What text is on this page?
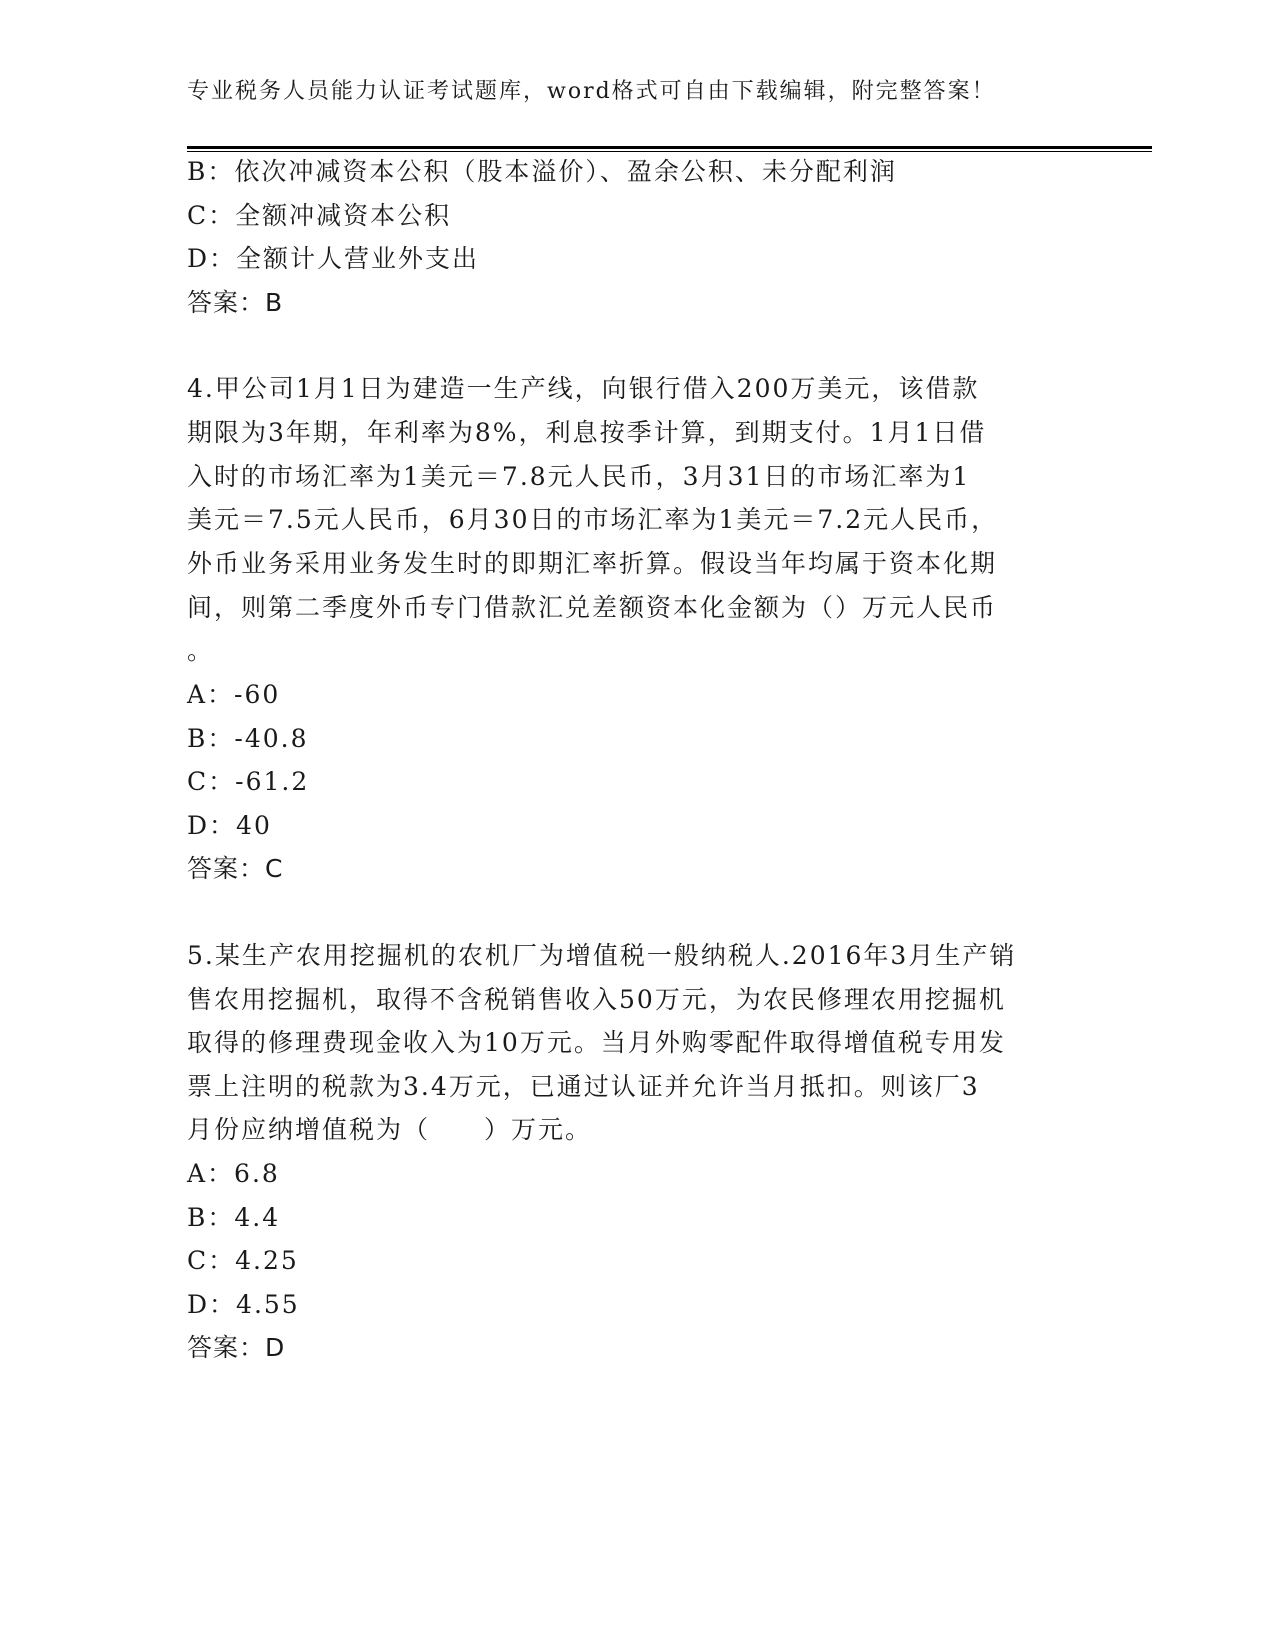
专业税务人员能力认证考试题库，word格式可自由下载编辑，附完整答案！
B：依次冲减资本公积（股本溢价）、盈余公积、未分配利润
C：全额冲减资本公积
D：全额计人营业外支出
答案：B
4.甲公司1月1日为建造一生产线，向银行借入200万美元，该借款
期限为3年期，年利率为8%，利息按季计算，到期支付。1月1日借
入时的市场汇率为1美元＝7.8元人民币，3月31日的市场汇率为1
美元＝7.5元人民币，6月30日的市场汇率为1美元＝7.2元人民币，
外币业务采用业务发生时的即期汇率折算。假设当年均属于资本化期
间，则第二季度外币专门借款汇兑差额资本化金额为（）万元人民币
。
A：-60
B：-40.8
C：-61.2
D：40
答案：C
5.某生产农用挖掘机的农机厂为增值税一般纳税人.2016年3月生产销
售农用挖掘机，取得不含税销售收入50万元，为农民修理农用挖掘机
取得的修理费现金收入为10万元。当月外购零配件取得增值税专用发
票上注明的税款为3.4万元，已通过认证并允许当月抵扣。则该厂3
月份应纳增值税为（　　）万元。
A：6.8
B：4.4
C：4.25
D：4.55
答案：D
